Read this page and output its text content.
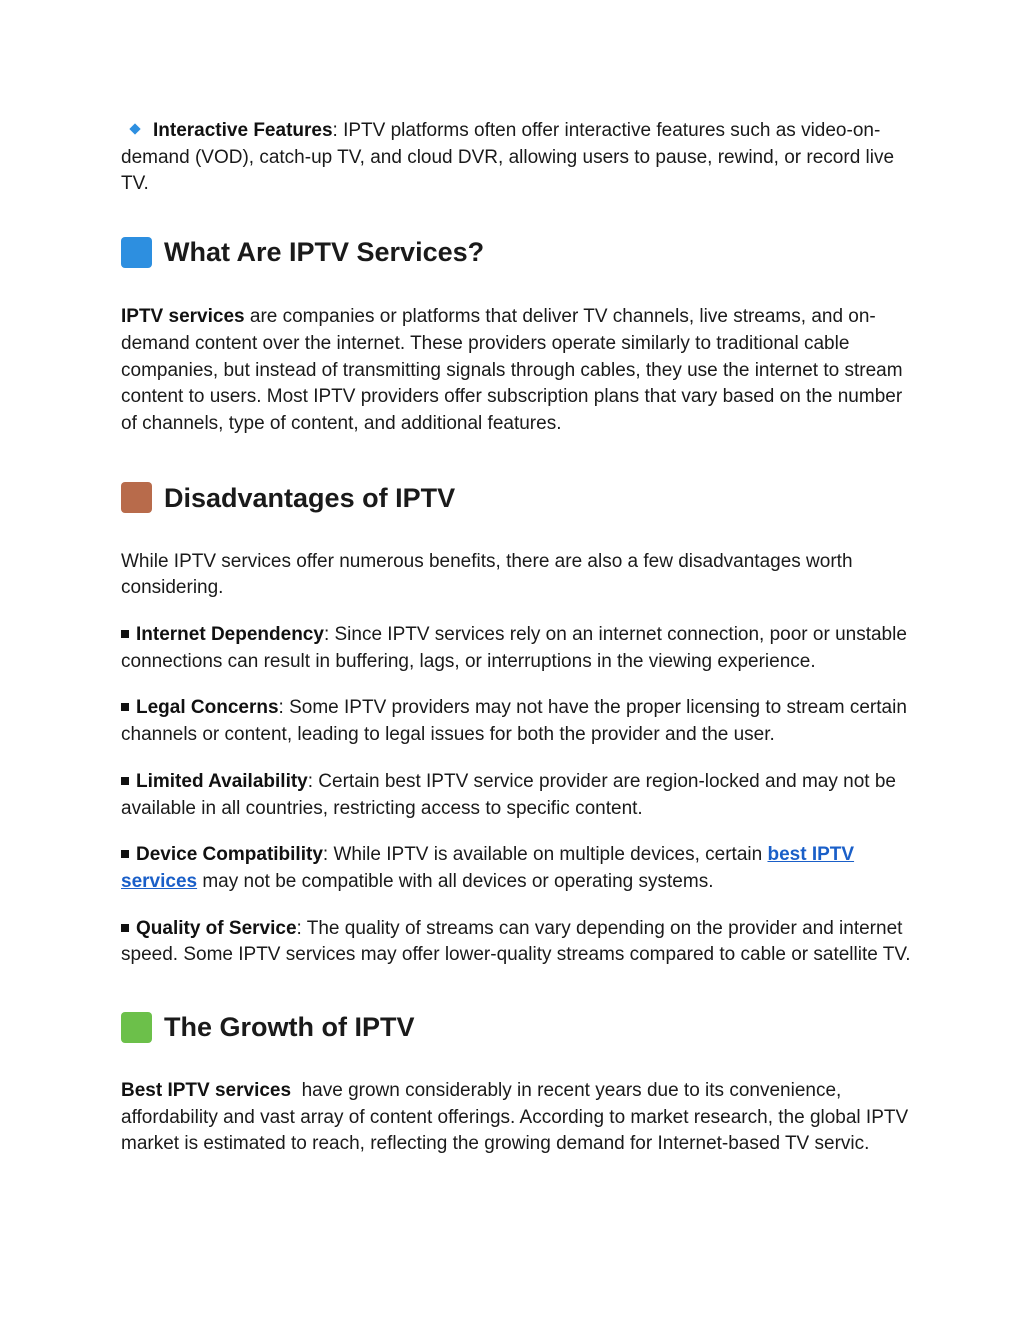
Interactive Features: IPTV platforms often offer interactive features such as video-on-demand (VOD), catch-up TV, and cloud DVR, allowing users to pause, rewind, or record live TV.

What Are IPTV Services?

IPTV services are companies or platforms that deliver TV channels, live streams, and on-demand content over the internet. These providers operate similarly to traditional cable companies, but instead of transmitting signals through cables, they use the internet to stream content to users. Most IPTV providers offer subscription plans that vary based on the number of channels, type of content, and additional features.

Disadvantages of IPTV

While IPTV services offer numerous benefits, there are also a few disadvantages worth considering.

Internet Dependency: Since IPTV services rely on an internet connection, poor or unstable connections can result in buffering, lags, or interruptions in the viewing experience.

Legal Concerns: Some IPTV providers may not have the proper licensing to stream certain channels or content, leading to legal issues for both the provider and the user.

Limited Availability: Certain best IPTV service provider are region-locked and may not be available in all countries, restricting access to specific content.

Device Compatibility: While IPTV is available on multiple devices, certain best IPTV services may not be compatible with all devices or operating systems.

Quality of Service: The quality of streams can vary depending on the provider and internet speed. Some IPTV services may offer lower-quality streams compared to cable or satellite TV.

The Growth of IPTV

Best IPTV services  have grown considerably in recent years due to its convenience, affordability and vast array of content offerings. According to market research, the global IPTV market is estimated to reach, reflecting the growing demand for Internet-based TV servic.
